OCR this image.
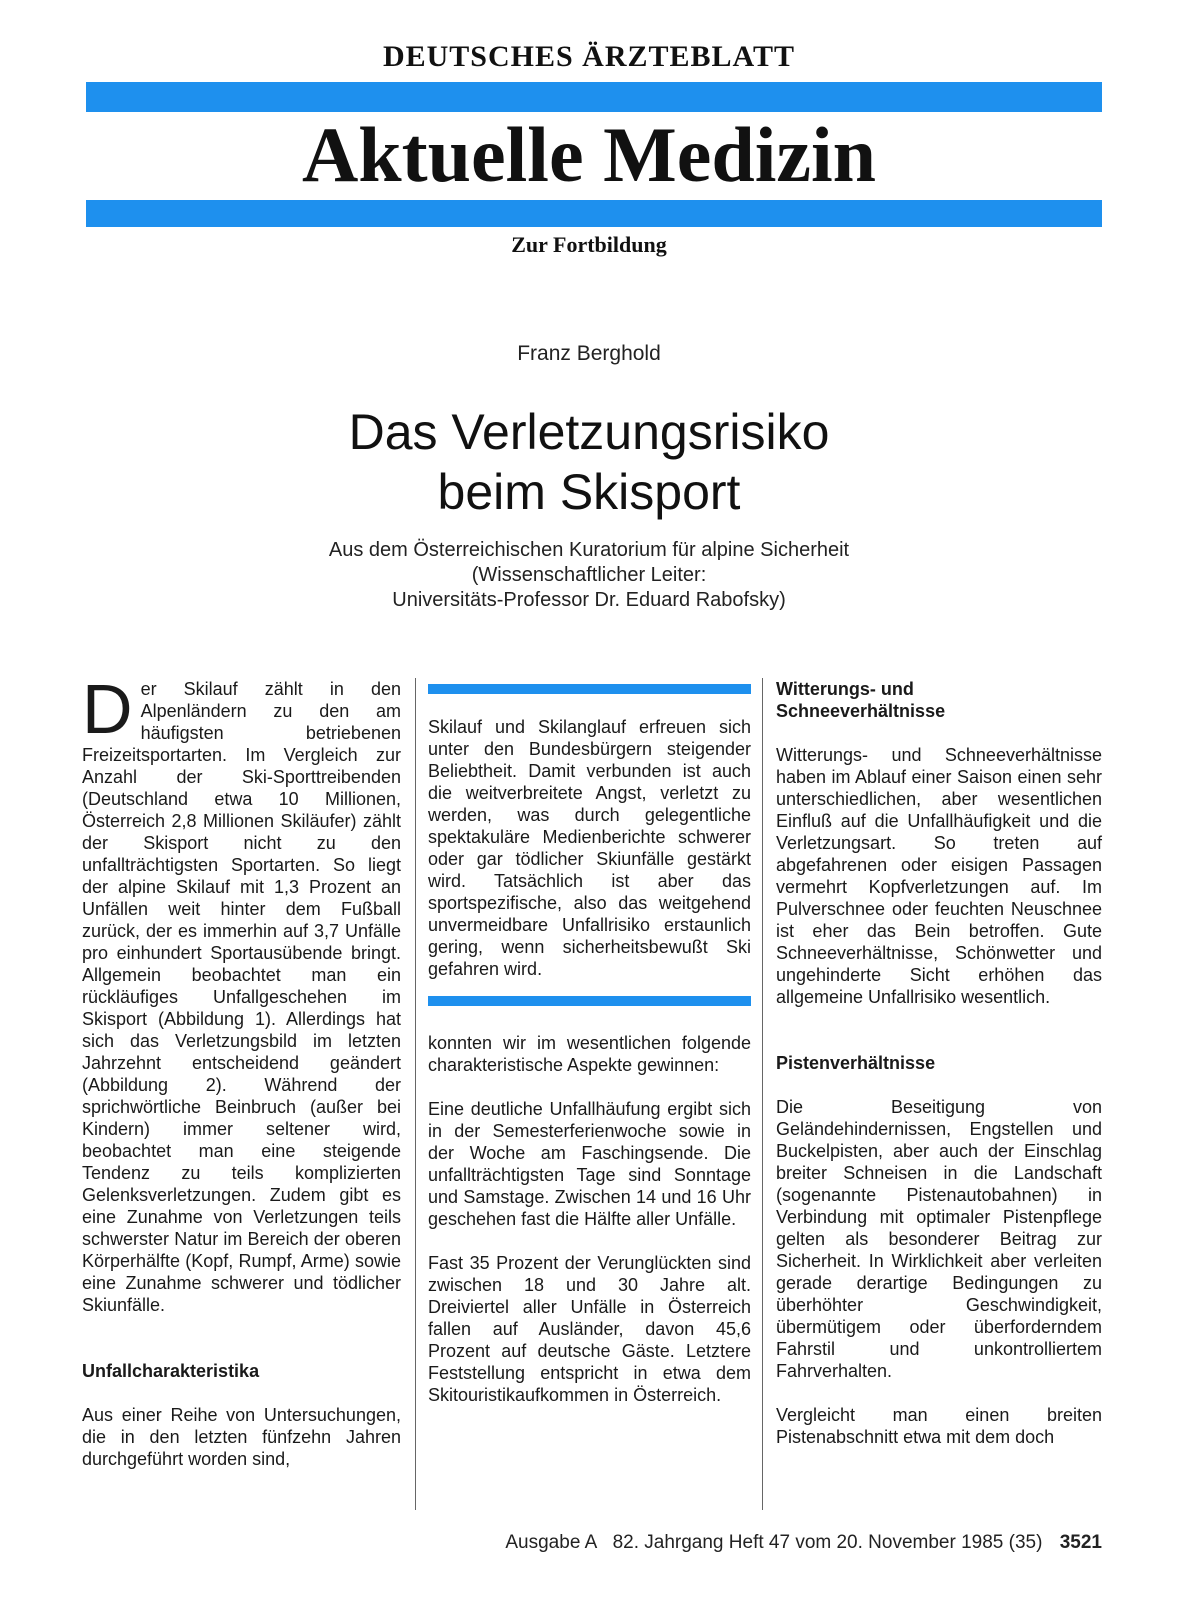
DEUTSCHES ÄRZTEBLATT
Aktuelle Medizin
Zur Fortbildung
Franz Berghold
Das Verletzungsrisiko
beim Skisport
Aus dem Österreichischen Kuratorium für alpine Sicherheit
(Wissenschaftlicher Leiter:
Universitäts-Professor Dr. Eduard Rabofsky)

Der Skilauf zählt in den Alpenländern zu den am häufigsten betriebenen Freizeitsportarten. Im Vergleich zur Anzahl der Ski-Sporttreibenden (Deutschland etwa 10 Millionen, Österreich 2,8 Millionen Skiläufer) zählt der Skisport nicht zu den unfallträchtigsten Sportarten. So liegt der alpine Skilauf mit 1,3 Prozent an Unfällen weit hinter dem Fußball zurück, der es immerhin auf 3,7 Unfälle pro einhundert Sportausübende bringt. Allgemein beobachtet man ein rückläufiges Unfallgeschehen im Skisport (Abbildung 1). Allerdings hat sich das Verletzungsbild im letzten Jahrzehnt entscheidend geändert (Abbildung 2). Während der sprichwörtliche Beinbruch (außer bei Kindern) immer seltener wird, beobachtet man eine steigende Tendenz zu teils komplizierten Gelenksverletzungen. Zudem gibt es eine Zunahme von Verletzungen teils schwerster Natur im Bereich der oberen Körperhälfte (Kopf, Rumpf, Arme) sowie eine Zunahme schwerer und tödlicher Skiunfälle.

Unfallcharakteristika

Aus einer Reihe von Untersuchungen, die in den letzten fünfzehn Jahren durchgeführt worden sind,

Skilauf und Skilanglauf erfreuen sich unter den Bundesbürgern steigender Beliebtheit. Damit verbunden ist auch die weitverbreitete Angst, verletzt zu werden, was durch gelegentliche spektakuläre Medienberichte schwerer oder gar tödlicher Skiunfälle gestärkt wird. Tatsächlich ist aber das sportspezifische, also das weitgehend unvermeidbare Unfallrisiko erstaunlich gering, wenn sicherheitsbewußt Ski gefahren wird.

konnten wir im wesentlichen folgende charakteristische Aspekte gewinnen:

Eine deutliche Unfallhäufung ergibt sich in der Semesterferienwoche sowie in der Woche am Faschingsende. Die unfallträchtigsten Tage sind Sonntage und Samstage. Zwischen 14 und 16 Uhr geschehen fast die Hälfte aller Unfälle.

Fast 35 Prozent der Verunglückten sind zwischen 18 und 30 Jahre alt. Dreiviertel aller Unfälle in Österreich fallen auf Ausländer, davon 45,6 Prozent auf deutsche Gäste. Letztere Feststellung entspricht in etwa dem Skitouristikaufkommen in Österreich.

Witterungs- und
Schneeverhältnisse

Witterungs- und Schneeverhältnisse haben im Ablauf einer Saison einen sehr unterschiedlichen, aber wesentlichen Einfluß auf die Unfallhäufigkeit und die Verletzungsart. So treten auf abgefahrenen oder eisigen Passagen vermehrt Kopfverletzungen auf. Im Pulverschnee oder feuchten Neuschnee ist eher das Bein betroffen. Gute Schneeverhältnisse, Schönwetter und ungehinderte Sicht erhöhen das allgemeine Unfallrisiko wesentlich.

Pistenverhältnisse

Die Beseitigung von Geländehindernissen, Engstellen und Buckelpisten, aber auch der Einschlag breiter Schneisen in die Landschaft (sogenannte Pistenautobahnen) in Verbindung mit optimaler Pistenpflege gelten als besonderer Beitrag zur Sicherheit. In Wirklichkeit aber verleiten gerade derartige Bedingungen zu überhöhter Geschwindigkeit, übermütigem oder überforderndem Fahrstil und unkontrolliertem Fahrverhalten.

Vergleicht man einen breiten Pistenabschnitt etwa mit dem doch

Ausgabe A 82. Jahrgang Heft 47 vom 20. November 1985 (35) 3521
